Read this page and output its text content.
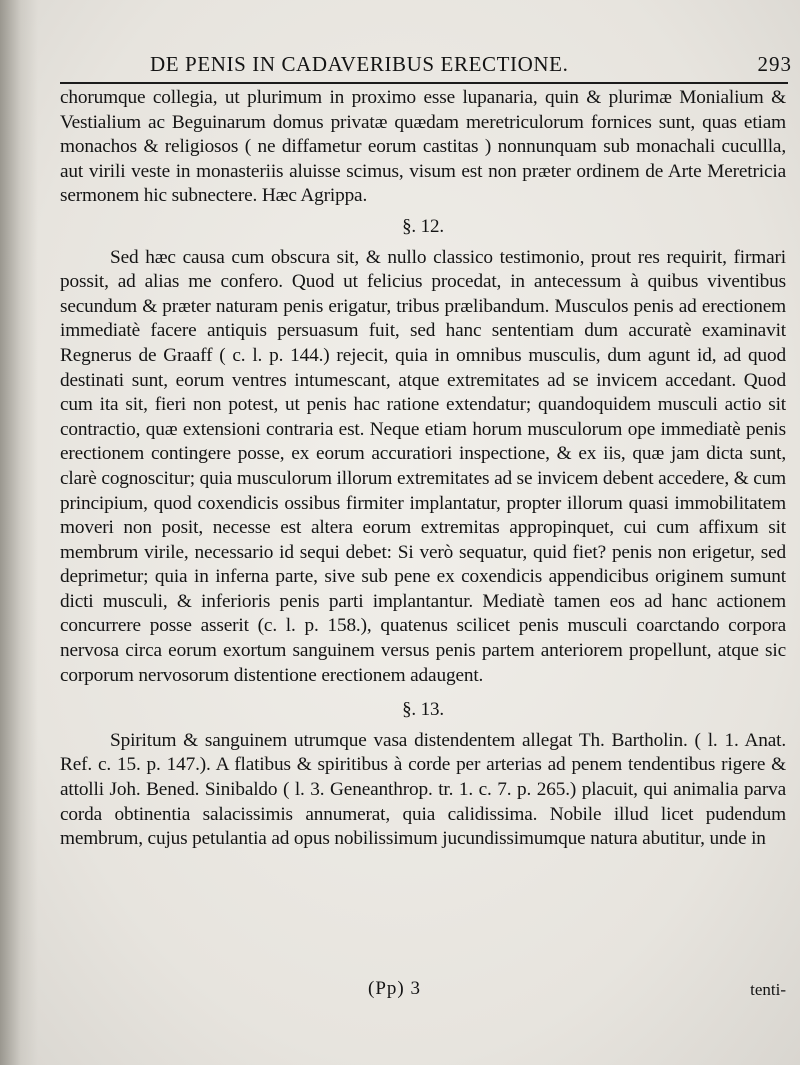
DE PENIS IN CADAVERIBUS ERECTIONE.	293

chorumque collegia, ut plurimum in proximo esse lupanaria, quin & plurimæ Monialium & Vestialium ac Beguinarum domus privatæ quædam meretriculorum fornices sunt, quas etiam monachos & religiosos ( ne diffametur eorum castitas ) nonnunquam sub monachali cucullla, aut virili veste in monasteriis aluisse scimus, visum est non præter ordinem de Arte Meretricia sermonem hic subnectere. Hæc Agrippa.

§. 12.

Sed hæc causa cum obscura sit, & nullo classico testimonio, prout res requirit, firmari possit, ad alias me confero. Quod ut felicius procedat, in antecessum à quibus viventibus secundum & præter naturam penis erigatur, tribus prælibandum. Musculos penis ad erectionem immediatè facere antiquis persuasum fuit, sed hanc sententiam dum accuratè examinavit Regnerus de Graaff ( c. l. p. 144.) rejecit, quia in omnibus musculis, dum agunt id, ad quod destinati sunt, eorum ventres intumescant, atque extremitates ad se invicem accedant. Quod cum ita sit, fieri non potest, ut penis hac ratione extendatur; quandoquidem musculi actio sit contractio, quæ extensioni contraria est. Neque etiam horum musculorum ope immediatè penis erectionem contingere posse, ex eorum accuratiori inspectione, & ex iis, quæ jam dicta sunt, clarè cognoscitur; quia musculorum illorum extremitates ad se invicem debent accedere, & cum principium, quod coxendicis ossibus firmiter implantatur, propter illorum quasi immobilitatem moveri non posit, necesse est altera eorum extremitas appropinquet, cui cum affixum sit membrum virile, necessario id sequi debet: Si verò sequatur, quid fiet? penis non erigetur, sed deprimetur; quia in inferna parte, sive sub pene ex coxendicis appendicibus originem sumunt dicti musculi, & inferioris penis parti implantantur. Mediatè tamen eos ad hanc actionem concurrere posse asserit (c. l. p. 158.), quatenus scilicet penis musculi coarctando corpora nervosa circa eorum exortum sanguinem versus penis partem anteriorem propellunt, atque sic corporum nervosorum distentione erectionem adaugent.

§. 13.

Spiritum & sanguinem utrumque vasa distendentem allegat Th. Bartholin. ( l. 1. Anat. Ref. c. 15. p. 147.). A flatibus & spiritibus à corde per arterias ad penem tendentibus rigere & attolli Joh. Bened. Sinibaldo ( l. 3. Geneanthrop. tr. 1. c. 7. p. 265.) placuit, qui animalia parva corda obtinentia salacissimis annumerat, quia calidissima. Nobile illud licet pudendum membrum, cujus petulantia ad opus nobilissimum jucundissimumque natura abutitur, unde in

(Pp) 3	tenti-
